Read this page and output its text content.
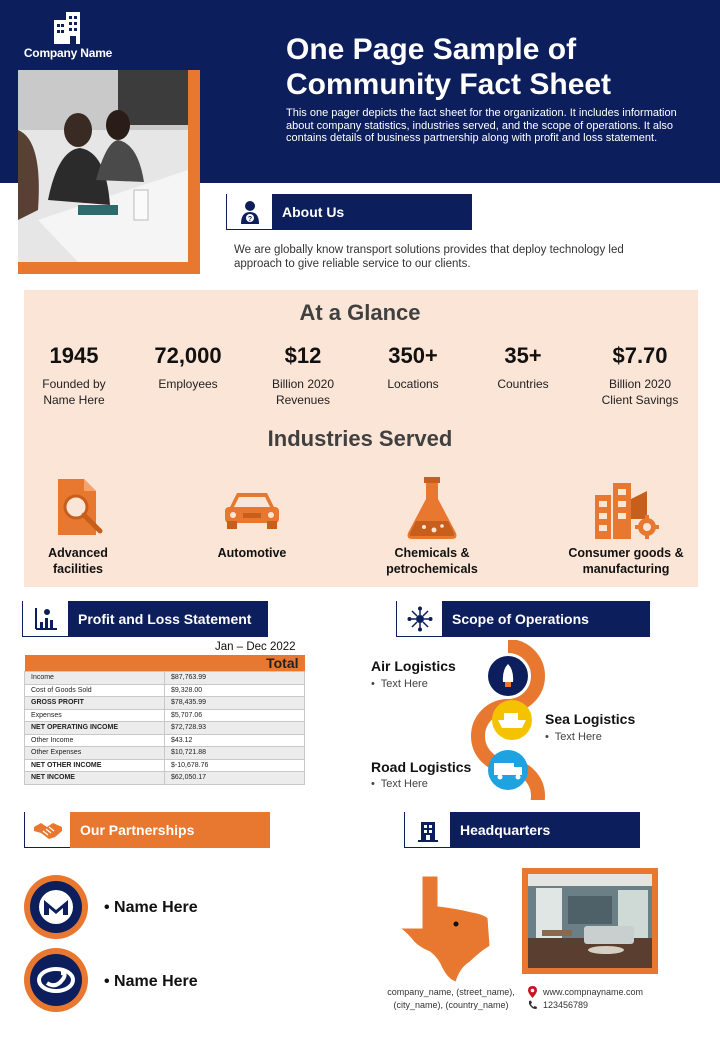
Company Name	One Page Sample of Community Fact Sheet
This one pager depicts the fact sheet for the organization. It includes information about company statistics, industries served, and the scope of operations. It also contains details of business partnership along with profit and loss statement.
?	About Us
We are globally know transport solutions provides that deploy technology led approach to give reliable service to our clients.
At a Glance
1945
Founded by Name Here
72,000
Employees
$12
Billion 2020 Revenues
350+
Locations
35+
Countries
$7.70
Billion 2020 Client Savings
Industries Served
Advanced facilities
Automotive	Chemicals & petrochemicals
Consumer goods & manufacturing
Profit and Loss Statement
Jan – Dec 2022
Total	
Income	$87,763.99
Cost of Goods Sold	$9,328.00
GROSS PROFIT	$78,435.99
Expenses	$5,707.06
NET OPERATING INCOME	$72,728.93
Other Income	$43.12
Other Expenses	$10,721.88
NET OTHER INCOME	$-10,678.76
NET INCOME	$62,050.17
Scope of Operations
Air Logistics
•  Text Here
Sea Logistics
•  Text Here
Road Logistics
•  Text Here
Our Partnerships
• Name Here
• Name Here
Headquarters
company_name, (street_name),
(city_name), (country_name)
www.compnayname.com
123456789
